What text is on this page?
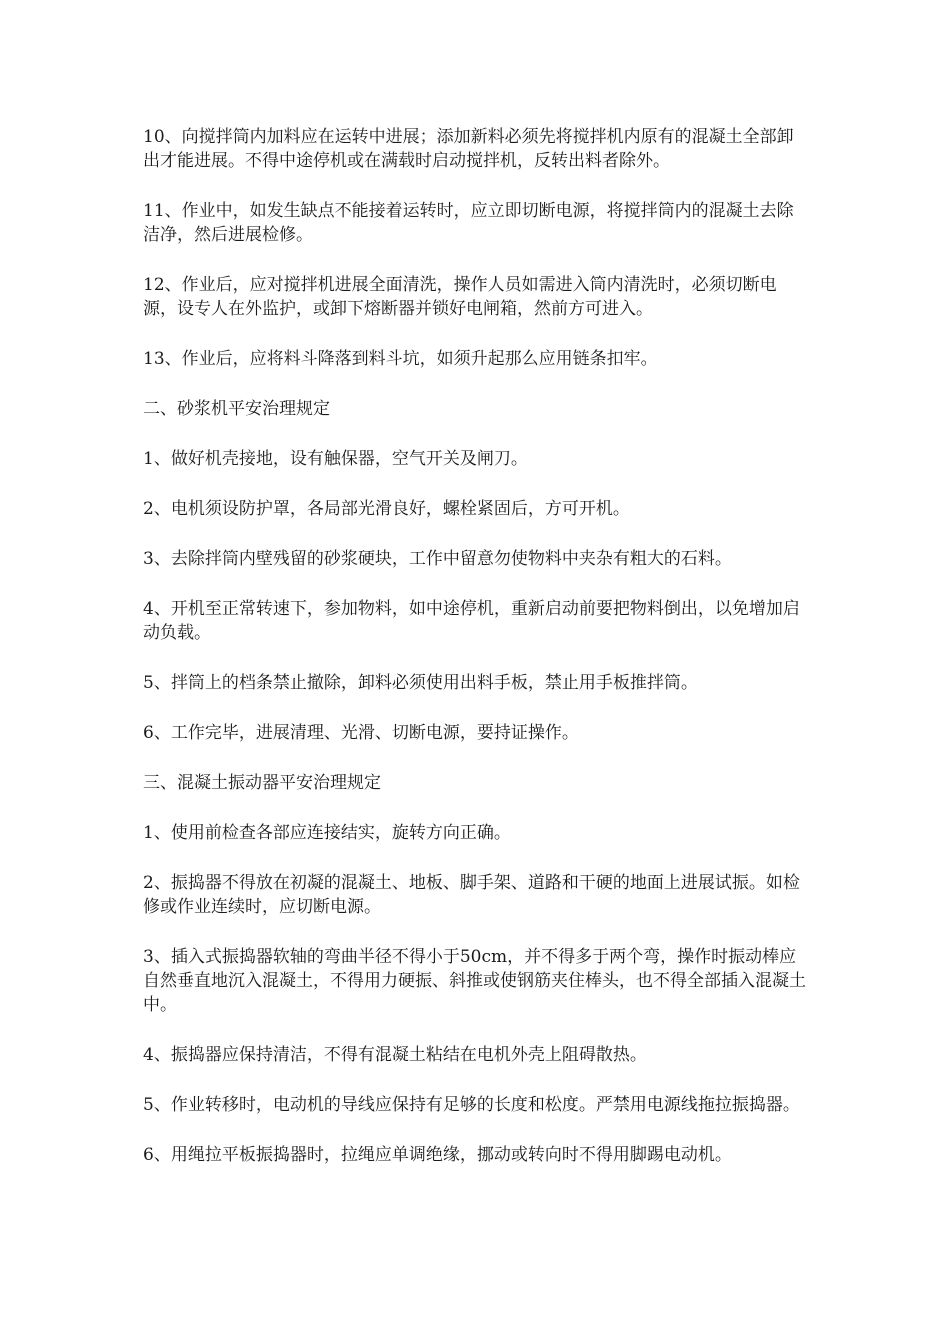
10、向搅拌筒内加料应在运转中进展；添加新料必须先将搅拌机内原有的混凝土全部卸出才能进展。不得中途停机或在满载时启动搅拌机，反转出料者除外。

11、作业中，如发生缺点不能接着运转时，应立即切断电源，将搅拌筒内的混凝土去除洁净，然后进展检修。

12、作业后，应对搅拌机进展全面清洗，操作人员如需进入筒内清洗时，必须切断电源，设专人在外监护，或卸下熔断器并锁好电闸箱，然前方可进入。

13、作业后，应将料斗降落到料斗坑，如须升起那么应用链条扣牢。

二、砂浆机平安治理规定

1、做好机壳接地，设有触保器，空气开关及闸刀。

2、电机须设防护罩，各局部光滑良好，螺栓紧固后，方可开机。

3、去除拌筒内壁残留的砂浆硬块，工作中留意勿使物料中夹杂有粗大的石料。

4、开机至正常转速下，参加物料，如中途停机，重新启动前要把物料倒出，以免增加启动负载。

5、拌筒上的档条禁止撤除，卸料必须使用出料手板，禁止用手板推拌筒。

6、工作完毕，进展清理、光滑、切断电源，要持证操作。

三、混凝土振动器平安治理规定

1、使用前检查各部应连接结实，旋转方向正确。

2、振捣器不得放在初凝的混凝土、地板、脚手架、道路和干硬的地面上进展试振。如检修或作业连续时，应切断电源。

3、插入式振捣器软轴的弯曲半径不得小于50cm，并不得多于两个弯，操作时振动棒应自然垂直地沉入混凝土，不得用力硬振、斜推或使钢筋夹住棒头，也不得全部插入混凝土中。

4、振捣器应保持清洁，不得有混凝土粘结在电机外壳上阻碍散热。

5、作业转移时，电动机的导线应保持有足够的长度和松度。严禁用电源线拖拉振捣器。

6、用绳拉平板振捣器时，拉绳应单调绝缘，挪动或转向时不得用脚踢电动机。
